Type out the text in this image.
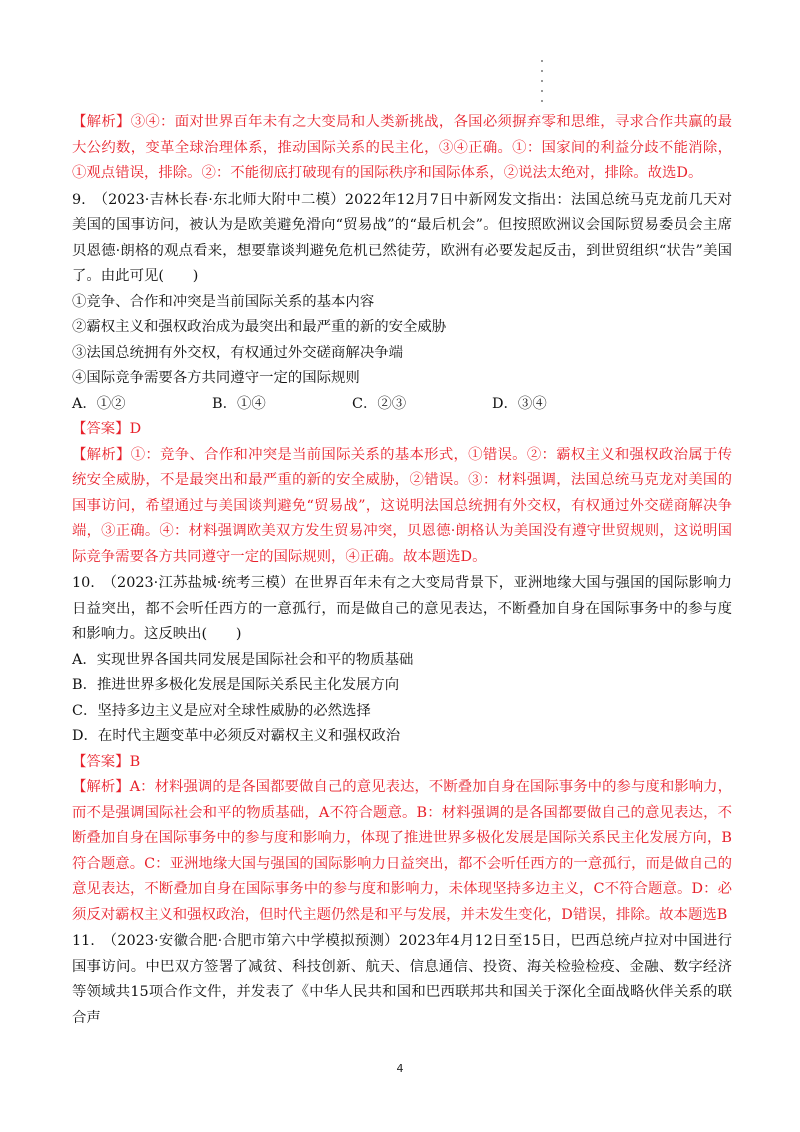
【解析】③④：面对世界百年未有之大变局和人类新挑战，各国必须摒弃零和思维，寻求合作共赢的最大公约数，变革全球治理体系，推动国际关系的民主化，③④正确。①：国家间的利益分歧不能消除，①观点错误，排除。②：不能彻底打破现有的国际秩序和国际体系，②说法太绝对，排除。故选D。

9.　（2023·吉林长春·东北师大附中二模）2022年12月7日中新网发文指出：法国总统马克龙前几天对美国的国事访问，被认为是欧美避免滑向“贸易战”的“最后机会”。但按照欧洲议会国际贸易委员会主席贝恩德·朗格的观点看来，想要靠谈判避免危机已然徒劳，欧洲有必要发起反击，到世贸组织“状告”美国了。由此可见(　　)

①竞争、合作和冲突是当前国际关系的基本内容

②霸权主义和强权政治成为最突出和最严重的新的安全威胁

③法国总统拥有外交权，有权通过外交磋商解决争端

④国际竞争需要各方共同遵守一定的国际规则

A．①②	B．①④	C．②③	D．③④

【答案】D

【解析】①：竞争、合作和冲突是当前国际关系的基本形式，①错误。②：霸权主义和强权政治属于传统安全威胁，不是最突出和最严重的新的安全威胁，②错误。③：材料强调，法国总统马克龙对美国的国事访问，希望通过与美国谈判避免“贸易战”，这说明法国总统拥有外交权，有权通过外交磋商解决争端，③正确。④：材料强调欧美双方发生贸易冲突，贝恩德·朗格认为美国没有遵守世贸规则，这说明国际竞争需要各方共同遵守一定的国际规则，④正确。故本题选D。

10.　（2023·江苏盐城·统考三模）在世界百年未有之大变局背景下，亚洲地缘大国与强国的国际影响力日益突出，都不会听任西方的一意孤行，而是做自己的意见表达，不断叠加自身在国际事务中的参与度和影响力。这反映出(　　)

A．实现世界各国共同发展是国际社会和平的物质基础

B．推进世界多极化发展是国际关系民主化发展方向

C．坚持多边主义是应对全球性威胁的必然选择

D．在时代主题变革中必须反对霸权主义和强权政治

【答案】B

【解析】A：材料强调的是各国都要做自己的意见表达，不断叠加自身在国际事务中的参与度和影响力，而不是强调国际社会和平的物质基础，A不符合题意。B：材料强调的是各国都要做自己的意见表达，不断叠加自身在国际事务中的参与度和影响力，体现了推进世界多极化发展是国际关系民主化发展方向，B符合题意。C：亚洲地缘大国与强国的国际影响力日益突出，都不会听任西方的一意孤行，而是做自己的意见表达，不断叠加自身在国际事务中的参与度和影响力，未体现坚持多边主义，C不符合题意。D：必须反对霸权主义和强权政治，但时代主题仍然是和平与发展，并未发生变化，D错误，排除。故本题选B

11.　（2023·安徽合肥·合肥市第六中学模拟预测）2023年4月12日至15日，巴西总统卢拉对中国进行国事访问。中巴双方签署了减贫、科技创新、航天、信息通信、投资、海关检验检疫、金融、数字经济等领域共15项合作文件，并发表了《中华人民共和国和巴西联邦共和国关于深化全面战略伙伴关系的联合声

4
